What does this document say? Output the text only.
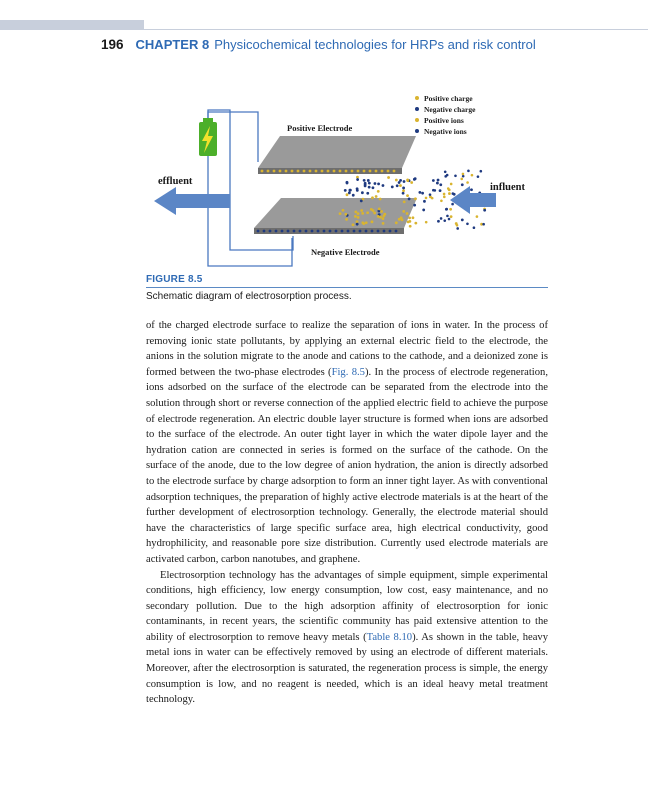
196 CHAPTER 8 Physicochemical technologies for HRPs and risk control
Positive charge
Negative charge
Positive ions
Negative ions
Positive Electrode
Negative Electrode
effluent
influent
FIGURE 8.5
Schematic diagram of electrosorption process.

of the charged electrode surface to realize the separation of ions in water. In the process of removing ionic state pollutants, by applying an external electric field to the electrode, the anions in the solution migrate to the anode and cations to the cathode, and a deionized zone is formed between the two-phase electrodes (Fig. 8.5). In the process of electrode regeneration, ions adsorbed on the surface of the electrode can be separated from the electrode into the solution through short or reverse connection of the applied electric field to achieve the purpose of electrode regeneration. An electric double layer structure is formed when ions are adsorbed to the surface of the electrode. An outer tight layer in which the water dipole layer and the hydration cation are connected in series is formed on the surface of the cathode. On the surface of the anode, due to the low degree of anion hydration, the anion is directly adsorbed to the electrode surface by charge adsorption to form an inner tight layer. As with conventional adsorption techniques, the preparation of highly active electrode materials is at the heart of the further development of electrosorption technology. Generally, the electrode material should have the characteristics of large specific surface area, high electrical conductivity, good hydrophilicity, and reasonable pore size distribution. Currently used electrode materials are activated carbon, carbon nanotubes, and graphene.

Electrosorption technology has the advantages of simple equipment, simple experimental conditions, high efficiency, low energy consumption, low cost, easy maintenance, and no secondary pollution. Due to the high adsorption affinity of electrosorption for ionic contaminants, in recent years, the scientific community has paid extensive attention to the ability of electrosorption to remove heavy metals (Table 8.10). As shown in the table, heavy metal ions in water can be effectively removed by using an electrode of different materials. Moreover, after the electrosorption is saturated, the regeneration process is simple, the energy consumption is low, and no reagent is needed, which is an ideal heavy metal treatment technology.
